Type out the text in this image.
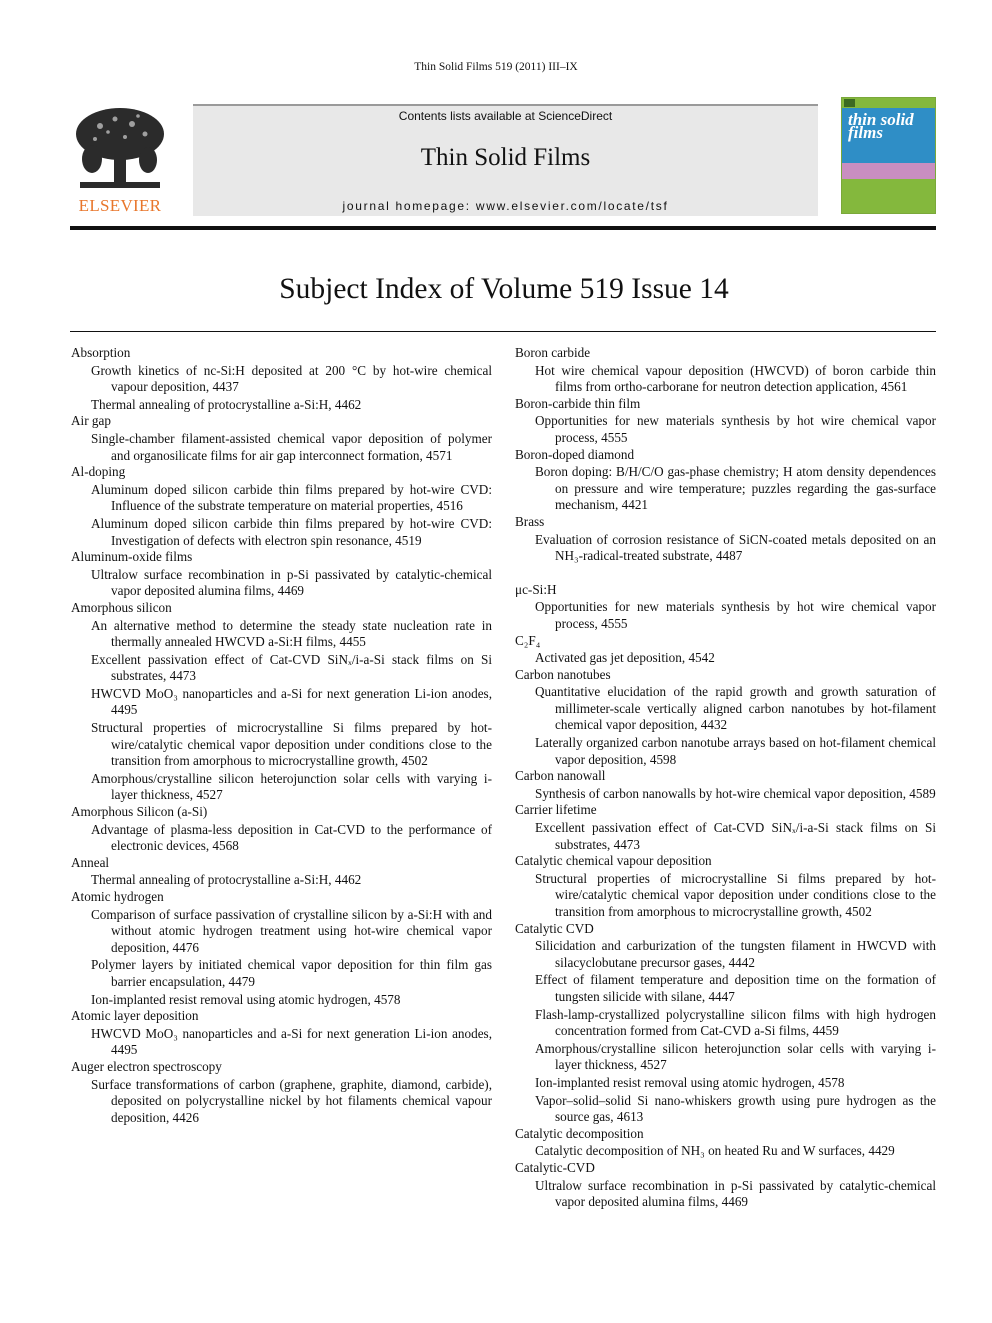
Thin Solid Films 519 (2011) III–IX
ELSEVIER
Contents lists available at ScienceDirect
Thin Solid Films
journal homepage: www.elsevier.com/locate/tsf
thin solid films
Subject Index of Volume 519 Issue 14
Absorption
Growth kinetics of nc-Si:H deposited at 200 °C by hot-wire chemical vapour deposition, 4437
Thermal annealing of protocrystalline a-Si:H, 4462
Air gap
Single-chamber filament-assisted chemical vapor deposition of polymer and organosilicate films for air gap interconnect formation, 4571
Al-doping
Aluminum doped silicon carbide thin films prepared by hot-wire CVD: Influence of the substrate temperature on material properties, 4516
Aluminum doped silicon carbide thin films prepared by hot-wire CVD: Investigation of defects with electron spin resonance, 4519
Aluminum-oxide films
Ultralow surface recombination in p-Si passivated by catalytic-chemical vapor deposited alumina films, 4469
Amorphous silicon
An alternative method to determine the steady state nucleation rate in thermally annealed HWCVD a-Si:H films, 4455
Excellent passivation effect of Cat-CVD SiNₓ/i-a-Si stack films on Si substrates, 4473
HWCVD MoO₃ nanoparticles and a-Si for next generation Li-ion anodes, 4495
Structural properties of microcrystalline Si films prepared by hot-wire/catalytic chemical vapor deposition under conditions close to the transition from amorphous to microcrystalline growth, 4502
Amorphous/crystalline silicon heterojunction solar cells with varying i-layer thickness, 4527
Amorphous Silicon (a-Si)
Advantage of plasma-less deposition in Cat-CVD to the performance of electronic devices, 4568
Anneal
Thermal annealing of protocrystalline a-Si:H, 4462
Atomic hydrogen
Comparison of surface passivation of crystalline silicon by a-Si:H with and without atomic hydrogen treatment using hot-wire chemical vapor deposition, 4476
Polymer layers by initiated chemical vapor deposition for thin film gas barrier encapsulation, 4479
Ion-implanted resist removal using atomic hydrogen, 4578
Atomic layer deposition
HWCVD MoO₃ nanoparticles and a-Si for next generation Li-ion anodes, 4495
Auger electron spectroscopy
Surface transformations of carbon (graphene, graphite, diamond, carbide), deposited on polycrystalline nickel by hot filaments chemical vapour deposition, 4426
Boron carbide
Hot wire chemical vapour deposition (HWCVD) of boron carbide thin films from ortho-carborane for neutron detection application, 4561
Boron-carbide thin film
Opportunities for new materials synthesis by hot wire chemical vapor process, 4555
Boron-doped diamond
Boron doping: B/H/C/O gas-phase chemistry; H atom density dependences on pressure and wire temperature; puzzles regarding the gas-surface mechanism, 4421
Brass
Evaluation of corrosion resistance of SiCN-coated metals deposited on an NH₃-radical-treated substrate, 4487
μc-Si:H
Opportunities for new materials synthesis by hot wire chemical vapor process, 4555
C₂F₄
Activated gas jet deposition, 4542
Carbon nanotubes
Quantitative elucidation of the rapid growth and growth saturation of millimeter-scale vertically aligned carbon nanotubes by hot-filament chemical vapor deposition, 4432
Laterally organized carbon nanotube arrays based on hot-filament chemical vapor deposition, 4598
Carbon nanowall
Synthesis of carbon nanowalls by hot-wire chemical vapor deposition, 4589
Carrier lifetime
Excellent passivation effect of Cat-CVD SiNₓ/i-a-Si stack films on Si substrates, 4473
Catalytic chemical vapour deposition
Structural properties of microcrystalline Si films prepared by hot-wire/catalytic chemical vapor deposition under conditions close to the transition from amorphous to microcrystalline growth, 4502
Catalytic CVD
Silicidation and carburization of the tungsten filament in HWCVD with silacyclobutane precursor gases, 4442
Effect of filament temperature and deposition time on the formation of tungsten silicide with silane, 4447
Flash-lamp-crystallized polycrystalline silicon films with high hydrogen concentration formed from Cat-CVD a-Si films, 4459
Amorphous/crystalline silicon heterojunction solar cells with varying i-layer thickness, 4527
Ion-implanted resist removal using atomic hydrogen, 4578
Vapor–solid–solid Si nano-whiskers growth using pure hydrogen as the source gas, 4613
Catalytic decomposition
Catalytic decomposition of NH₃ on heated Ru and W surfaces, 4429
Catalytic-CVD
Ultralow surface recombination in p-Si passivated by catalytic-chemical vapor deposited alumina films, 4469
